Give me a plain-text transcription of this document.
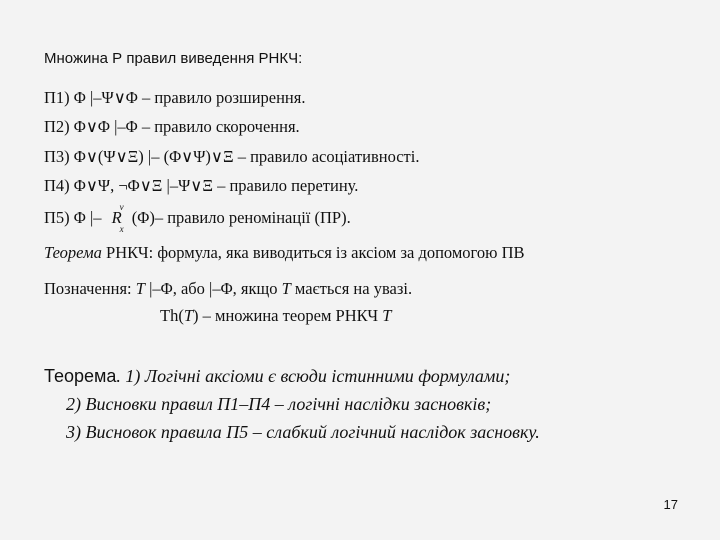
Множина Р правил виведення РНКЧ:
П1) Φ |–Ψ∨Φ – правило розширення.
П2) Φ∨Φ |–Φ – правило скорочення.
П3) Φ∨(Ψ∨Ξ) |– (Φ∨Ψ)∨Ξ – правило асоціативності.
П4) Φ∨Ψ, ¬Φ∨Ξ |–Ψ∨Ξ – правило перетину.
П5) Φ |– R
v
x
(Φ)– правило реномінації (ПР).
Теорема РНКЧ: формула, яка виводиться із аксіом за допомогою ПВ
Позначення: T |–Φ, або |–Φ, якщо T мається на увазі.
Th(T) – множина теорем РНКЧ T
Теорема. 1) Логічні аксіоми є всюди істинними формулами;
2) Висновки правил П1–П4 – логічні наслідки засновків;
3) Висновок правила П5 – слабкий логічний наслідок засновку.
17
